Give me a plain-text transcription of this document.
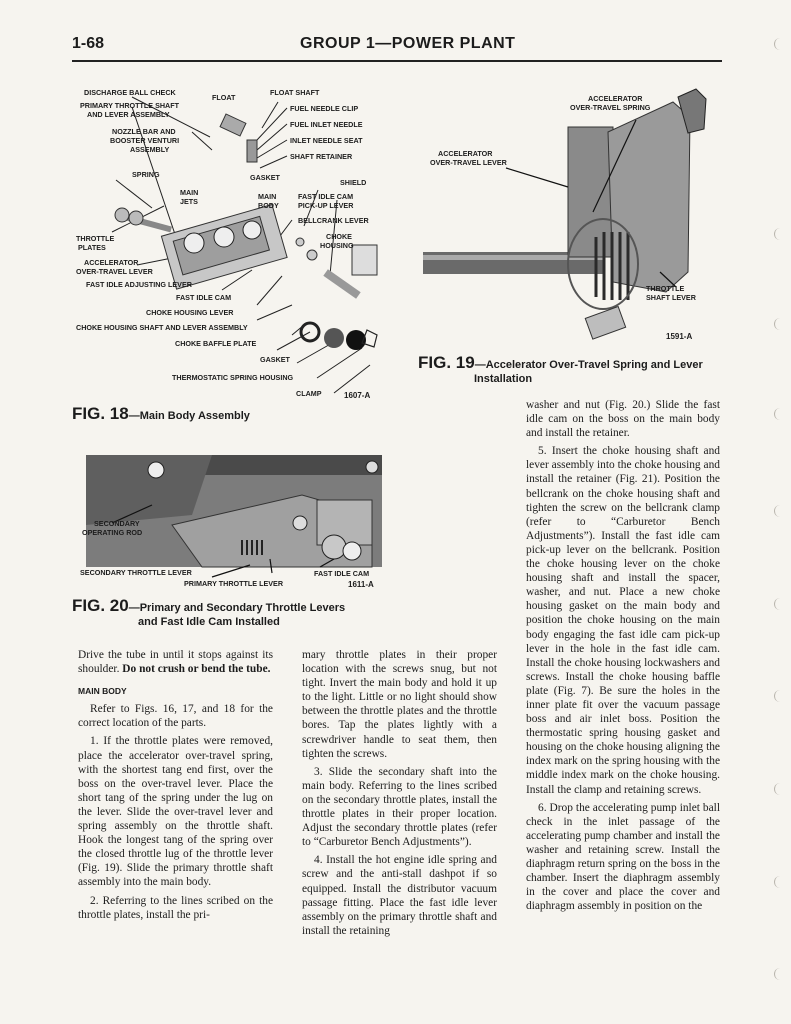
1-68	GROUP 1—POWER PLANT
DISCHARGE BALL CHECK
PRIMARY THROTTLE SHAFT
AND LEVER ASSEMBLY
FLOAT
FLOAT SHAFT
FUEL NEEDLE CLIP
FUEL INLET NEEDLE
INLET NEEDLE SEAT
NOZZLE BAR AND
BOOSTER VENTURI
ASSEMBLY
SHAFT RETAINER
SPRING	GASKET
SHIELD
MAIN
JETS
MAIN
BODY
FAST IDLE CAM
PICK-UP LEVER
BELLCRANK LEVER
CHOKE
HOUSING
THROTTLE
PLATES
ACCELERATOR
OVER-TRAVEL LEVER
FAST IDLE ADJUSTING LEVER
FAST IDLE CAM
CHOKE HOUSING LEVER
CHOKE HOUSING SHAFT AND LEVER ASSEMBLY
CHOKE BAFFLE PLATE
GASKET
THERMOSTATIC SPRING HOUSING
CLAMP	1607-A
FIG. 18—Main Body Assembly
ACCELERATOR
OVER-TRAVEL SPRING
ACCELERATOR
OVER-TRAVEL LEVER
THROTTLE
SHAFT LEVER
1591-A
FIG. 19—Accelerator Over-Travel Spring and Lever
Installation
SECONDARY
OPERATING ROD
SECONDARY THROTTLE LEVER
PRIMARY THROTTLE LEVER
FAST IDLE CAM
1611-A
FIG. 20—Primary and Secondary Throttle Levers
and Fast Idle Cam Installed

Drive the tube in until it stops against its shoulder. Do not crush or bend the tube.

MAIN BODY

Refer to Figs. 16, 17, and 18 for the correct location of the parts.

1. If the throttle plates were removed, place the accelerator over-travel spring, with the shortest tang end first, over the boss on the over-travel lever. Place the short tang of the spring under the lug on the lever. Slide the over-travel lever and spring assembly on the throttle shaft. Hook the longest tang of the spring over the closed throttle lug of the throttle lever (Fig. 19). Slide the primary throttle shaft assembly into the main body.

2. Referring to the lines scribed on the throttle plates, install the pri-

mary throttle plates in their proper location with the screws snug, but not tight. Invert the main body and hold it up to the light. Little or no light should show between the throttle plates and the throttle bores. Tap the plates lightly with a screwdriver handle to seat them, then tighten the screws.

3. Slide the secondary shaft into the main body. Referring to the lines scribed on the secondary throttle plates, install the throttle plates in their proper location. Adjust the secondary throttle plates (refer to “Carburetor Bench Adjustments”).

4. Install the hot engine idle spring and screw and the anti-stall dashpot if so equipped. Install the distributor vacuum passage fitting. Place the fast idle lever assembly on the primary throttle shaft and install the retaining

washer and nut (Fig. 20.) Slide the fast idle cam on the boss on the main body and install the retainer.

5. Insert the choke housing shaft and lever assembly into the choke housing and install the retainer (Fig. 21). Position the bellcrank on the choke housing shaft and tighten the screw on the bellcrank clamp (refer to “Carburetor Bench Adjustments”). Install the fast idle cam pick-up lever on the bellcrank. Position the choke housing lever on the choke housing shaft and install the spacer, washer, and nut. Place a new choke housing gasket on the main body and position the choke housing on the main body engaging the fast idle cam pick-up lever in the hole in the fast idle cam. Install the choke housing lockwashers and screws. Install the choke housing baffle plate (Fig. 7). Be sure the holes in the inner plate fit over the vacuum passage boss and air inlet boss. Position the thermostatic spring housing gasket and housing on the choke housing aligning the index mark on the spring housing with the middle index mark on the choke housing. Install the clamp and retaining screws.

6. Drop the accelerating pump inlet ball check in the inlet passage of the accelerating pump chamber and install the washer and retaining screw. Install the diaphragm return spring on the boss in the chamber. Insert the diaphragm assembly in the cover and place the cover and diaphragm assembly in position on the
